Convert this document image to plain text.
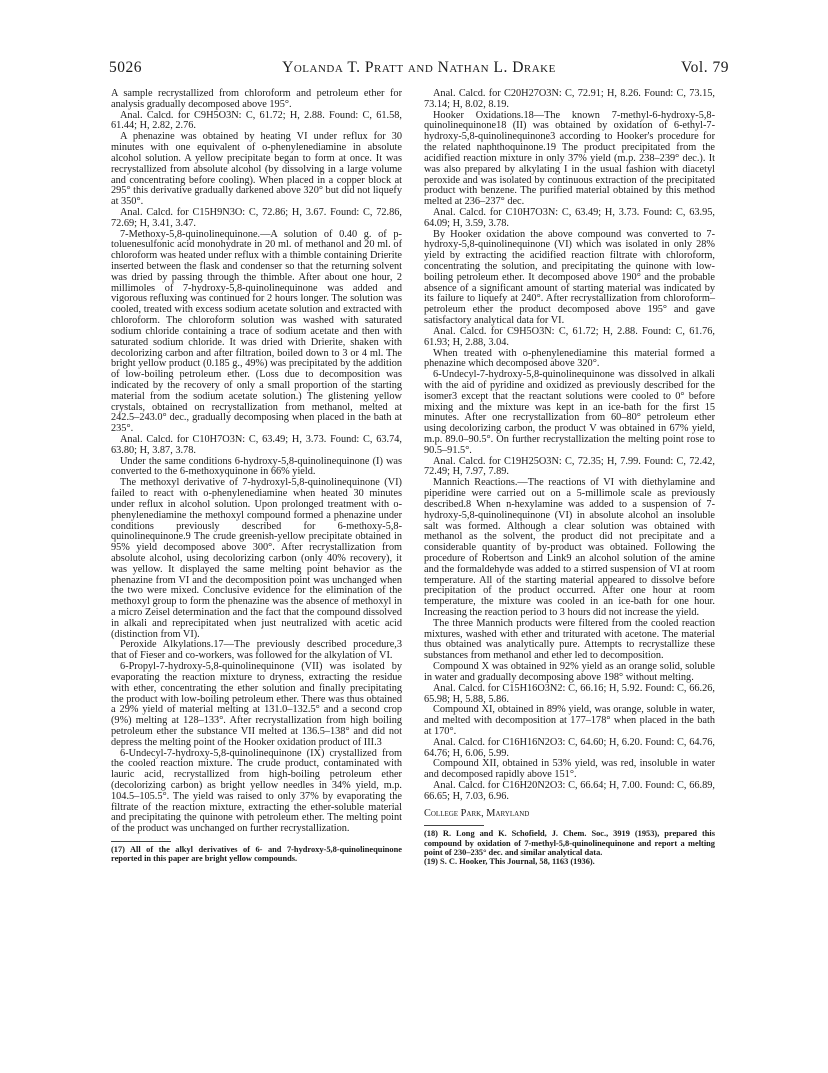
5026	Yolanda T. Pratt and Nathan L. Drake	Vol. 79

A sample recrystallized from chloroform and petroleum ether for analysis gradually decomposed above 195°.

Anal. Calcd. for C9H5O3N: C, 61.72; H, 2.88. Found: C, 61.58, 61.44; H, 2.82, 2.76.

A phenazine was obtained by heating VI under reflux for 30 minutes with one equivalent of o-phenylenediamine in absolute alcohol solution. A yellow precipitate began to form at once. It was recrystallized from absolute alcohol (by dissolving in a large volume and concentrating before cooling). When placed in a copper block at 295° this derivative gradually darkened above 320° but did not liquefy at 350°.

Anal. Calcd. for C15H9N3O: C, 72.86; H, 3.67. Found: C, 72.86, 72.69; H, 3.41, 3.47.

7-Methoxy-5,8-quinolinequinone.—A solution of 0.40 g. of p-toluenesulfonic acid monohydrate in 20 ml. of methanol and 20 ml. of chloroform was heated under reflux with a thimble containing Drierite inserted between the flask and condenser so that the returning solvent was dried by passing through the thimble. After about one hour, 2 millimoles of 7-hydroxy-5,8-quinolinequinone was added and vigorous refluxing was continued for 2 hours longer. The solution was cooled, treated with excess sodium acetate solution and extracted with chloroform. The chloroform solution was washed with saturated sodium chloride containing a trace of sodium acetate and then with saturated sodium chloride. It was dried with Drierite, shaken with decolorizing carbon and after filtration, boiled down to 3 or 4 ml. The bright yellow product (0.185 g., 49%) was precipitated by the addition of low-boiling petroleum ether. (Loss due to decomposition was indicated by the recovery of only a small proportion of the starting material from the sodium acetate solution.) The glistening yellow crystals, obtained on recrystallization from methanol, melted at 242.5–243.0° dec., gradually decomposing when placed in the bath at 235°.

Anal. Calcd. for C10H7O3N: C, 63.49; H, 3.73. Found: C, 63.74, 63.80; H, 3.87, 3.78.

Under the same conditions 6-hydroxy-5,8-quinolinequinone (I) was converted to the 6-methoxyquinone in 66% yield.

The methoxyl derivative of 7-hydroxyl-5,8-quinolinequinone (VI) failed to react with o-phenylenediamine when heated 30 minutes under reflux in alcohol solution. Upon prolonged treatment with o-phenylenediamine the methoxyl compound formed a phenazine under conditions previously described for 6-methoxy-5,8-quinolinequinone.9 The crude greenish-yellow precipitate obtained in 95% yield decomposed above 300°. After recrystallization from absolute alcohol, using decolorizing carbon (only 40% recovery), it was yellow. It displayed the same melting point behavior as the phenazine from VI and the decomposition point was unchanged when the two were mixed. Conclusive evidence for the elimination of the methoxyl group to form the phenazine was the absence of methoxyl in a micro Zeisel determination and the fact that the compound dissolved in alkali and reprecipitated when just neutralized with acetic acid (distinction from VI).

Peroxide Alkylations.17—The previously described procedure,3 that of Fieser and co-workers, was followed for the alkylation of VI.

6-Propyl-7-hydroxy-5,8-quinolinequinone (VII) was isolated by evaporating the reaction mixture to dryness, extracting the residue with ether, concentrating the ether solution and finally precipitating the product with low-boiling petroleum ether. There was thus obtained a 29% yield of material melting at 131.0–132.5° and a second crop (9%) melting at 128–133°. After recrystallization from high boiling petroleum ether the substance VII melted at 136.5–138° and did not depress the melting point of the Hooker oxidation product of III.3

6-Undecyl-7-hydroxy-5,8-quinolinequinone (IX) crystallized from the cooled reaction mixture. The crude product, contaminated with lauric acid, recrystallized from high-boiling petroleum ether (decolorizing carbon) as bright yellow needles in 34% yield, m.p. 104.5–105.5°. The yield was raised to only 37% by evaporating the filtrate of the reaction mixture, extracting the ether-soluble material and precipitating the quinone with petroleum ether. The melting point of the product was unchanged on further recrystallization.

(17) All of the alkyl derivatives of 6- and 7-hydroxy-5,8-quinolinequinone reported in this paper are bright yellow compounds.

Anal. Calcd. for C20H27O3N: C, 72.91; H, 8.26. Found: C, 73.15, 73.14; H, 8.02, 8.19.

Hooker Oxidations.18—The known 7-methyl-6-hydroxy-5,8-quinolinequinone18 (II) was obtained by oxidation of 6-ethyl-7-hydroxy-5,8-quinolinequinone3 according to Hooker's procedure for the related naphthoquinone.19 The product precipitated from the acidified reaction mixture in only 37% yield (m.p. 238–239° dec.). It was also prepared by alkylating I in the usual fashion with diacetyl peroxide and was isolated by continuous extraction of the precipitated product with benzene. The purified material obtained by this method melted at 236–237° dec.

Anal. Calcd. for C10H7O3N: C, 63.49; H, 3.73. Found: C, 63.95, 64.09; H, 3.59, 3.78.

By Hooker oxidation the above compound was converted to 7-hydroxy-5,8-quinolinequinone (VI) which was isolated in only 28% yield by extracting the acidified reaction filtrate with chloroform, concentrating the solution, and precipitating the quinone with low-boiling petroleum ether. It decomposed above 190° and the probable absence of a significant amount of starting material was indicated by its failure to liquefy at 240°. After recrystallization from chloroform–petroleum ether the product decomposed above 195° and gave satisfactory analytical data for VI.

Anal. Calcd. for C9H5O3N: C, 61.72; H, 2.88. Found: C, 61.76, 61.93; H, 2.88, 3.04.

When treated with o-phenylenediamine this material formed a phenazine which decomposed above 320°.

6-Undecyl-7-hydroxy-5,8-quinolinequinone was dissolved in alkali with the aid of pyridine and oxidized as previously described for the isomer3 except that the reactant solutions were cooled to 0° before mixing and the mixture was kept in an ice-bath for the first 15 minutes. After one recrystallization from 60–80° petroleum ether using decolorizing carbon, the product V was obtained in 67% yield, m.p. 89.0–90.5°. On further recrystallization the melting point rose to 90.5–91.5°.

Anal. Calcd. for C19H25O3N: C, 72.35; H, 7.99. Found: C, 72.42, 72.49; H, 7.97, 7.89.

Mannich Reactions.—The reactions of VI with diethylamine and piperidine were carried out on a 5-millimole scale as previously described.8 When n-hexylamine was added to a suspension of 7-hydroxy-5,8-quinolinequinone (VI) in absolute alcohol an insoluble salt was formed. Although a clear solution was obtained with methanol as the solvent, the product did not precipitate and a considerable quantity of by-product was obtained. Following the procedure of Robertson and Link9 an alcohol solution of the amine and the formaldehyde was added to a stirred suspension of VI at room temperature. All of the starting material appeared to dissolve before precipitation of the product occurred. After one hour at room temperature, the mixture was cooled in an ice-bath for one hour. Increasing the reaction period to 3 hours did not increase the yield.

The three Mannich products were filtered from the cooled reaction mixtures, washed with ether and triturated with acetone. The material thus obtained was analytically pure. Attempts to recrystallize these substances from methanol and ether led to decomposition.

Compound X was obtained in 92% yield as an orange solid, soluble in water and gradually decomposing above 198° without melting.

Anal. Calcd. for C15H16O3N2: C, 66.16; H, 5.92. Found: C, 66.26, 65.98; H, 5.88, 5.86.

Compound XI, obtained in 89% yield, was orange, soluble in water, and melted with decomposition at 177–178° when placed in the bath at 170°.

Anal. Calcd. for C16H16N2O3: C, 64.60; H, 6.20. Found: C, 64.76, 64.76; H, 6.06, 5.99.

Compound XII, obtained in 53% yield, was red, insoluble in water and decomposed rapidly above 151°.

Anal. Calcd. for C16H20N2O3: C, 66.64; H, 7.00. Found: C, 66.89, 66.65; H, 7.03, 6.96.

College Park, Maryland

(18) R. Long and K. Schofield, J. Chem. Soc., 3919 (1953), prepared this compound by oxidation of 7-methyl-5,8-quinolinequinone and report a melting point of 230–235° dec. and similar analytical data.

(19) S. C. Hooker, This Journal, 58, 1163 (1936).
